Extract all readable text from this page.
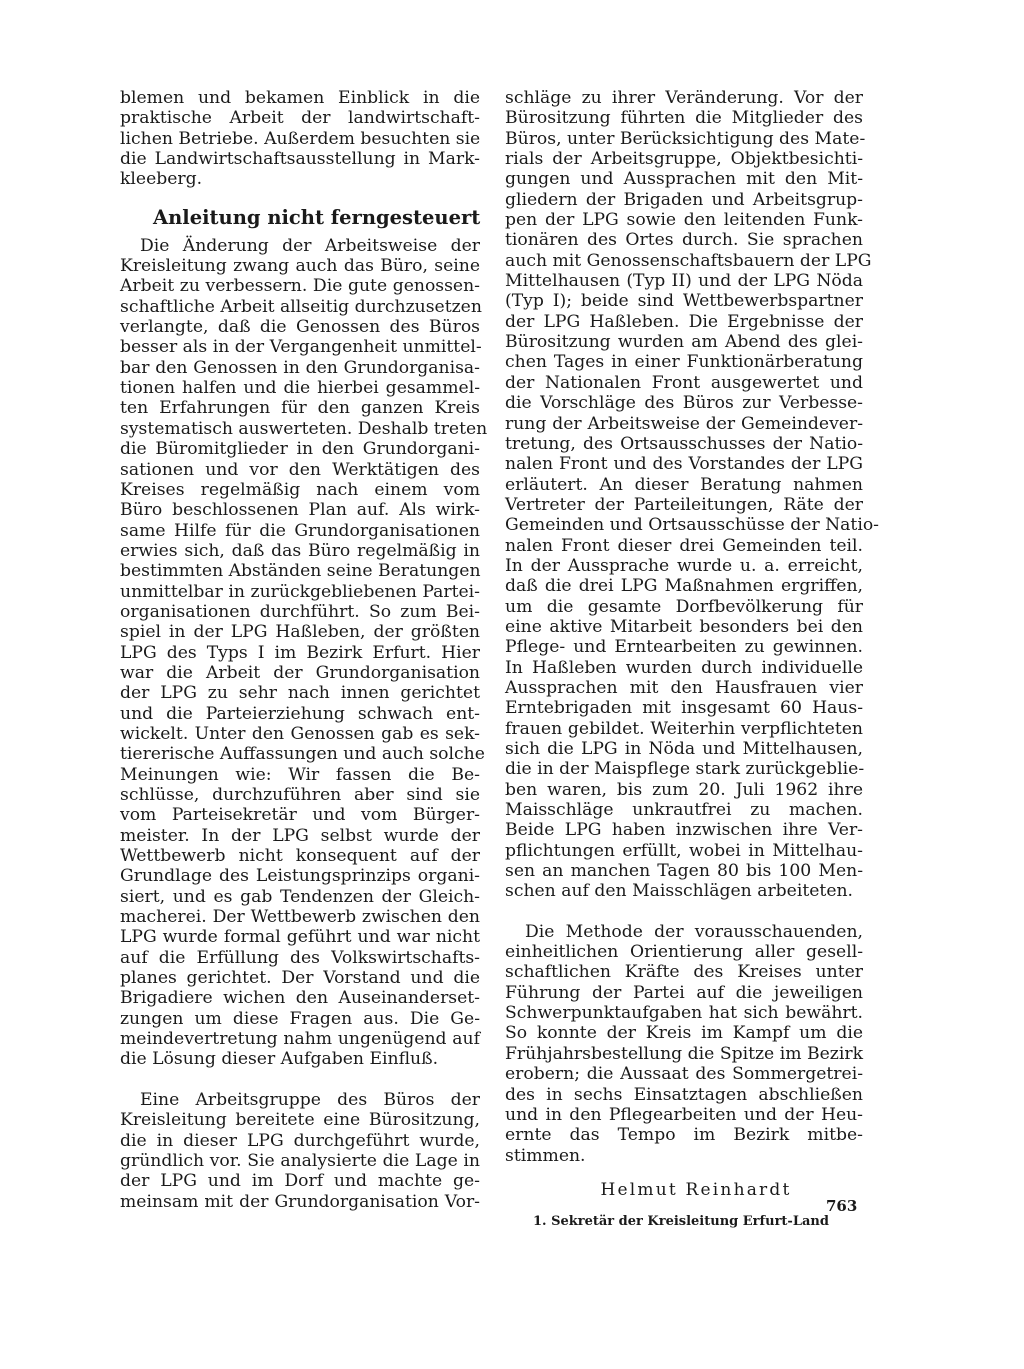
blemen und bekamen Einblick in die
praktische Arbeit der landwirtschaft-
lichen Betriebe. Außerdem besuchten sie
die Landwirtschaftsausstellung in Mark-
kleeberg.
Anleitung nicht ferngesteuert
Die Änderung der Arbeitsweise der
Kreisleitung zwang auch das Büro, seine
Arbeit zu verbessern. Die gute genossen-
schaftliche Arbeit allseitig durchzusetzen
verlangte, daß die Genossen des Büros
besser als in der Vergangenheit unmittel-
bar den Genossen in den Grundorganisa-
tionen halfen und die hierbei gesammel-
ten Erfahrungen für den ganzen Kreis
systematisch auswerteten. Deshalb treten
die Büromitglieder in den Grundorgani-
sationen und vor den Werktätigen des
Kreises regelmäßig nach einem vom
Büro beschlossenen Plan auf. Als wirk-
same Hilfe für die Grundorganisationen
erwies sich, daß das Büro regelmäßig in
bestimmten Abständen seine Beratungen
unmittelbar in zurückgebliebenen Partei-
organisationen durchführt. So zum Bei-
spiel in der LPG Haßleben, der größten
LPG des Typs I im Bezirk Erfurt. Hier
war die Arbeit der Grundorganisation
der LPG zu sehr nach innen gerichtet
und die Parteierziehung schwach ent-
wickelt. Unter den Genossen gab es sek-
tiererische Auffassungen und auch solche
Meinungen wie: Wir fassen die Be-
schlüsse, durchzuführen aber sind sie
vom Parteisekretär und vom Bürger-
meister. In der LPG selbst wurde der
Wettbewerb nicht konsequent auf der
Grundlage des Leistungsprinzips organi-
siert, und es gab Tendenzen der Gleich-
macherei. Der Wettbewerb zwischen den
LPG wurde formal geführt und war nicht
auf die Erfüllung des Volkswirtschafts-
planes gerichtet. Der Vorstand und die
Brigadiere wichen den Auseinanderset-
zungen um diese Fragen aus. Die Ge-
meindevertretung nahm ungenügend auf
die Lösung dieser Aufgaben Einfluß.
Eine Arbeitsgruppe des Büros der
Kreisleitung bereitete eine Bürositzung,
die in dieser LPG durchgeführt wurde,
gründlich vor. Sie analysierte die Lage in
der LPG und im Dorf und machte ge-
meinsam mit der Grundorganisation Vor-
schläge zu ihrer Veränderung. Vor der
Bürositzung führten die Mitglieder des
Büros, unter Berücksichtigung des Mate-
rials der Arbeitsgruppe, Objektbesichti-
gungen und Aussprachen mit den Mit-
gliedern der Brigaden und Arbeitsgrup-
pen der LPG sowie den leitenden Funk-
tionären des Ortes durch. Sie sprachen
auch mit Genossenschaftsbauern der LPG
Mittelhausen (Typ II) und der LPG Nöda
(Typ I); beide sind Wettbewerbspartner
der LPG Haßleben. Die Ergebnisse der
Bürositzung wurden am Abend des glei-
chen Tages in einer Funktionärberatung
der Nationalen Front ausgewertet und
die Vorschläge des Büros zur Verbesse-
rung der Arbeitsweise der Gemeindever-
tretung, des Ortsausschusses der Natio-
nalen Front und des Vorstandes der LPG
erläutert. An dieser Beratung nahmen
Vertreter der Parteileitungen, Räte der
Gemeinden und Ortsausschüsse der Natio-
nalen Front dieser drei Gemeinden teil.
In der Aussprache wurde u. a. erreicht,
daß die drei LPG Maßnahmen ergriffen,
um die gesamte Dorfbevölkerung für
eine aktive Mitarbeit besonders bei den
Pflege- und Erntearbeiten zu gewinnen.
In Haßleben wurden durch individuelle
Aussprachen mit den Hausfrauen vier
Erntebrigaden mit insgesamt 60 Haus-
frauen gebildet. Weiterhin verpflichteten
sich die LPG in Nöda und Mittelhausen,
die in der Maispflege stark zurückgeblie-
ben waren, bis zum 20. Juli 1962 ihre
Maisschläge unkrautfrei zu machen.
Beide LPG haben inzwischen ihre Ver-
pflichtungen erfüllt, wobei in Mittelhau-
sen an manchen Tagen 80 bis 100 Men-
schen auf den Maisschlägen arbeiteten.
Die Methode der vorausschauenden,
einheitlichen Orientierung aller gesell-
schaftlichen Kräfte des Kreises unter
Führung der Partei auf die jeweiligen
Schwerpunktaufgaben hat sich bewährt.
So konnte der Kreis im Kampf um die
Frühjahrsbestellung die Spitze im Bezirk
erobern; die Aussaat des Sommergetrei-
des in sechs Einsatztagen abschließen
und in den Pflegearbeiten und der Heu-
ernte das Tempo im Bezirk mitbe-
stimmen.
Helmut Reinhardt
1. Sekretär der Kreisleitung Erfurt-Land
763
